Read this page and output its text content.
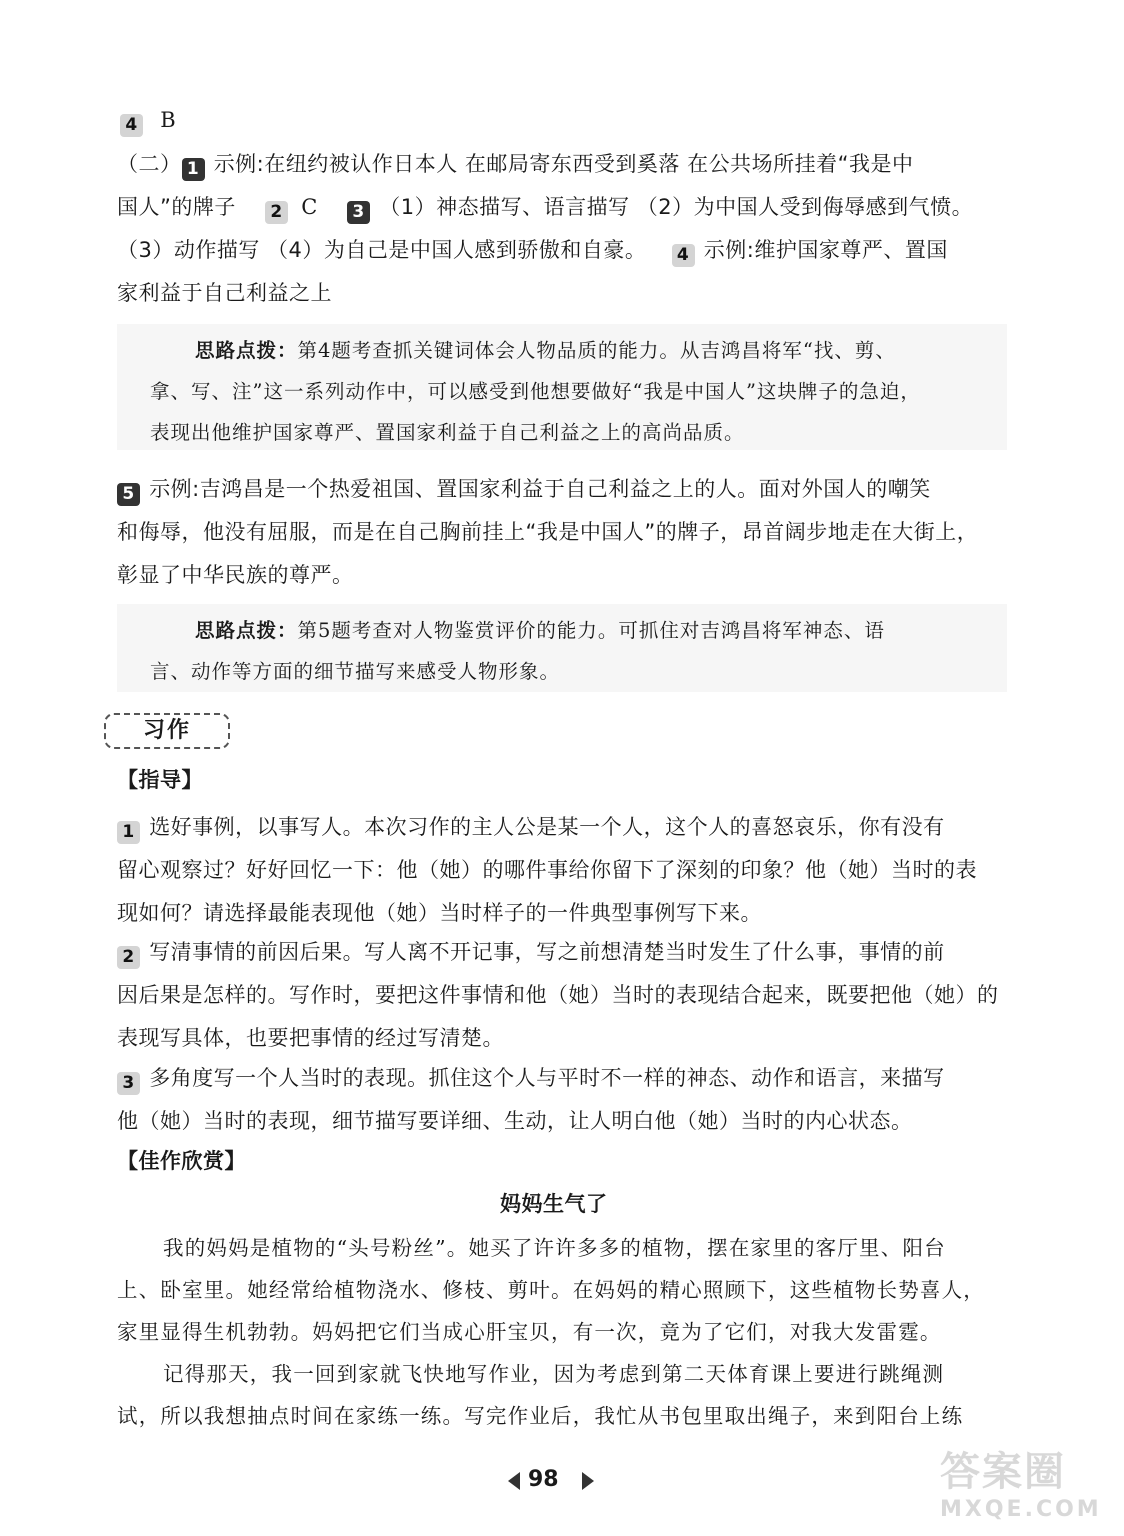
4 B
（二） 1 示例:在纽约被认作日本人 在邮局寄东西受到奚落 在公共场所挂着“我是中
国人”的牌子 2 C 3 （1）神态描写、语言描写 （2）为中国人受到侮辱感到气愤。
（3）动作描写 （4）为自己是中国人感到骄傲和自豪。 4 示例:维护国家尊严、置国
家利益于自己利益之上
思路点拨：第4题考查抓关键词体会人物品质的能力。从吉鸿昌将军“找、剪、
拿、写、注”这一系列动作中，可以感受到他想要做好“我是中国人”这块牌子的急迫，
表现出他维护国家尊严、置国家利益于自己利益之上的高尚品质。
5 示例:吉鸿昌是一个热爱祖国、置国家利益于自己利益之上的人。面对外国人的嘲笑
和侮辱，他没有屈服，而是在自己胸前挂上“我是中国人”的牌子，昂首阔步地走在大街上，
彰显了中华民族的尊严。
思路点拨：第5题考查对人物鉴赏评价的能力。可抓住对吉鸿昌将军神态、语
言、动作等方面的细节描写来感受人物形象。
习作
【指导】
1 选好事例，以事写人。本次习作的主人公是某一个人，这个人的喜怒哀乐，你有没有
留心观察过？好好回忆一下：他（她）的哪件事给你留下了深刻的印象？他（她）当时的表
现如何？请选择最能表现他（她）当时样子的一件典型事例写下来。
2 写清事情的前因后果。写人离不开记事，写之前想清楚当时发生了什么事，事情的前
因后果是怎样的。写作时，要把这件事情和他（她）当时的表现结合起来，既要把他（她）的
表现写具体，也要把事情的经过写清楚。
3 多角度写一个人当时的表现。抓住这个人与平时不一样的神态、动作和语言，来描写
他（她）当时的表现，细节描写要详细、生动，让人明白他（她）当时的内心状态。
【佳作欣赏】
妈妈生气了
我的妈妈是植物的“头号粉丝”。她买了许许多多的植物，摆在家里的客厅里、阳台
上、卧室里。她经常给植物浇水、修枝、剪叶。在妈妈的精心照顾下，这些植物长势喜人，
家里显得生机勃勃。妈妈把它们当成心肝宝贝，有一次，竟为了它们，对我大发雷霆。
记得那天，我一回到家就飞快地写作业，因为考虑到第二天体育课上要进行跳绳测
试，所以我想抽点时间在家练一练。写完作业后，我忙从书包里取出绳子，来到阳台上练
98	答案圈
MXQE.COM
